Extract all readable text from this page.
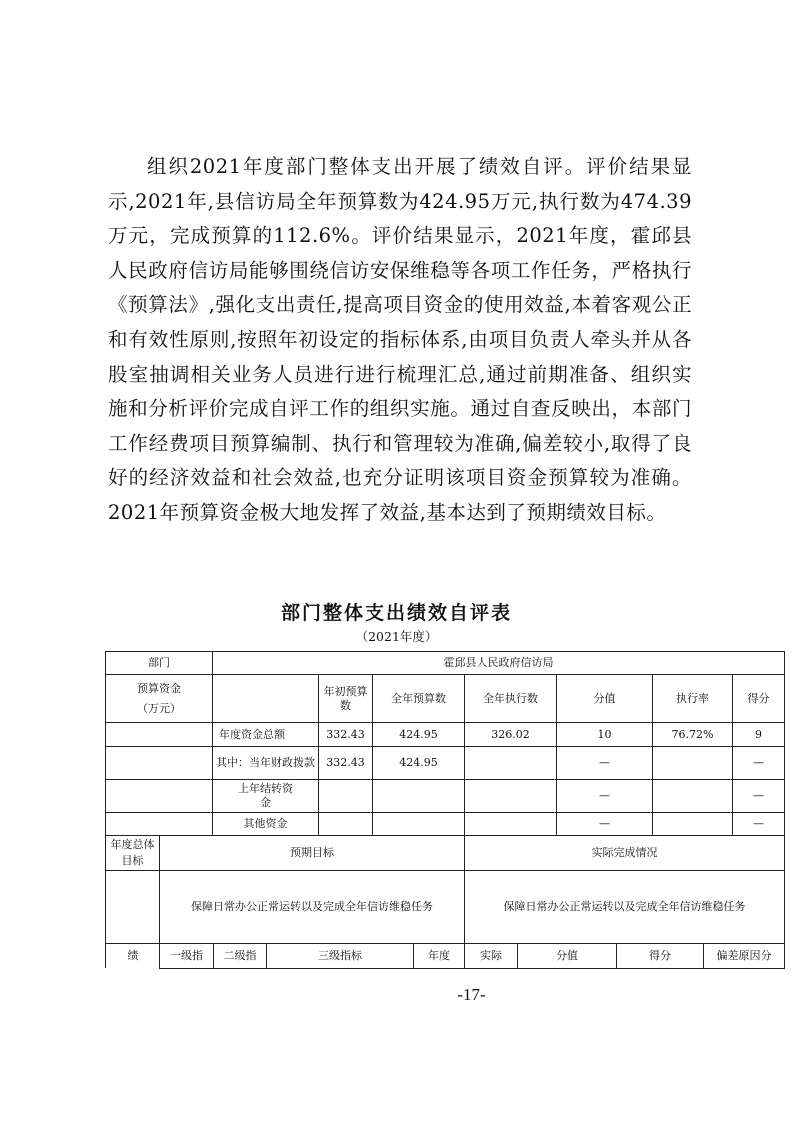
组织2021年度部门整体支出开展了绩效自评。评价结果显示,2021年,县信访局全年预算数为424.95万元,执行数为474.39万元，完成预算的112.6%。评价结果显示，2021年度，霍邱县人民政府信访局能够围绕信访安保维稳等各项工作任务，严格执行《预算法》,强化支出责任,提高项目资金的使用效益,本着客观公正和有效性原则,按照年初设定的指标体系,由项目负责人牵头并从各股室抽调相关业务人员进行进行梳理汇总,通过前期准备、组织实施和分析评价完成自评工作的组织实施。通过自查反映出，本部门工作经费项目预算编制、执行和管理较为准确,偏差较小,取得了良好的经济效益和社会效益,也充分证明该项目资金预算较为准确。2021年预算资金极大地发挥了效益,基本达到了预期绩效目标。

部门整体支出绩效自评表
（2021年度）
部门	霍邱县人民政府信访局						

预算资金
（万元）		年初预算数	全年预算数	全年执行数	分值	执行率	得分
	年度资金总额	332.43	424.95	326.02	10	76.72%	9
	其中：当年财政拨款	332.43	424.95		—		—
	上年结转资金				—		—
	其他资金				—		—
年度总体目标	预期目标	实际完成情况
	保障日常办公正常运转以及完成全年信访维稳任务	保障日常办公正常运转以及完成全年信访维稳任务
绩	一级指	二级指	三级指标	年度	实际	分值	得分	偏差原因分
-17-
